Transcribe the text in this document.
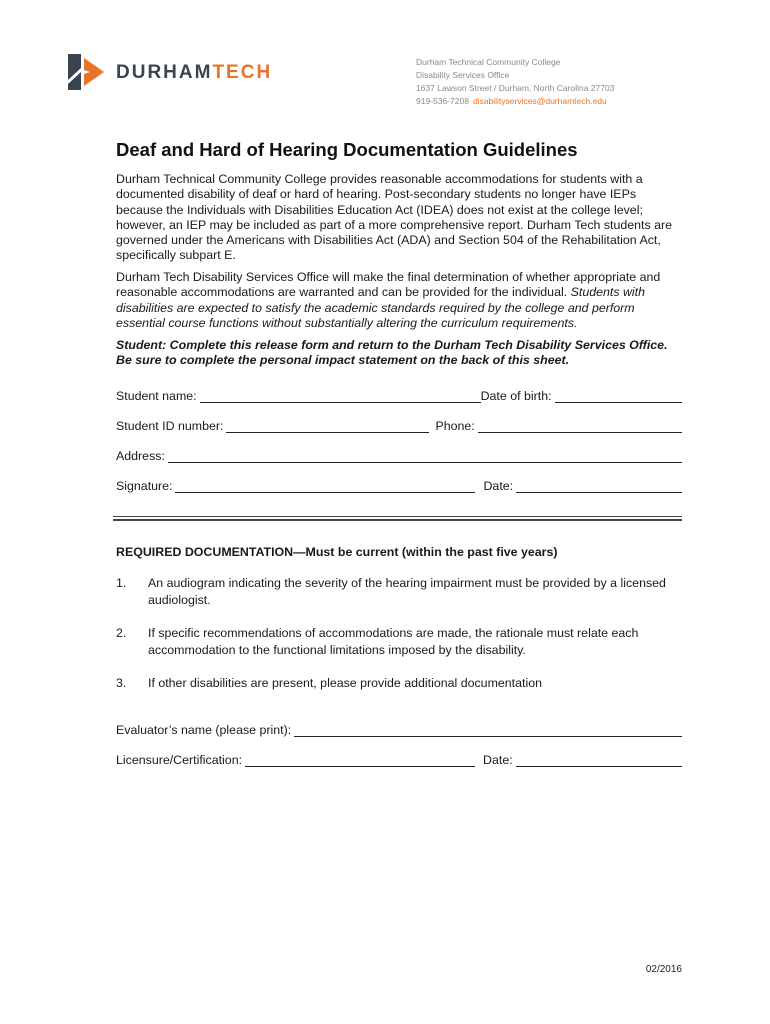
DURHAMTECH	Durham Technical Community College
Disability Services Office
1637 Lawson Street / Durham, North Carolina 27703
919-536-7208 disabilityservices@durhamtech.edu
Deaf and Hard of Hearing Documentation Guidelines

Durham Technical Community College provides reasonable accommodations for students with a documented disability of deaf or hard of hearing. Post-secondary students no longer have IEPs because the Individuals with Disabilities Education Act (IDEA) does not exist at the college level; however, an IEP may be included as part of a more comprehensive report. Durham Tech students are governed under the Americans with Disabilities Act (ADA) and Section 504 of the Rehabilitation Act, specifically subpart E.

Durham Tech Disability Services Office will make the final determination of whether appropriate and reasonable accommodations are warranted and can be provided for the individual. Students with disabilities are expected to satisfy the academic standards required by the college and perform essential course functions without substantially altering the curriculum requirements.

Student: Complete this release form and return to the Durham Tech Disability Services Office. Be sure to complete the personal impact statement on the back of this sheet.

Student name:	Date of birth:
Student ID number:	Phone:
Address:
Signature:	Date:
REQUIRED DOCUMENTATION—Must be current (within the past five years)
1. An audiogram indicating the severity of the hearing impairment must be provided by a licensed audiologist.
2. If specific recommendations of accommodations are made, the rationale must relate each accommodation to the functional limitations imposed by the disability.
3. If other disabilities are present, please provide additional documentation
Evaluator’s name (please print):
Licensure/Certification:	Date:
02/2016
